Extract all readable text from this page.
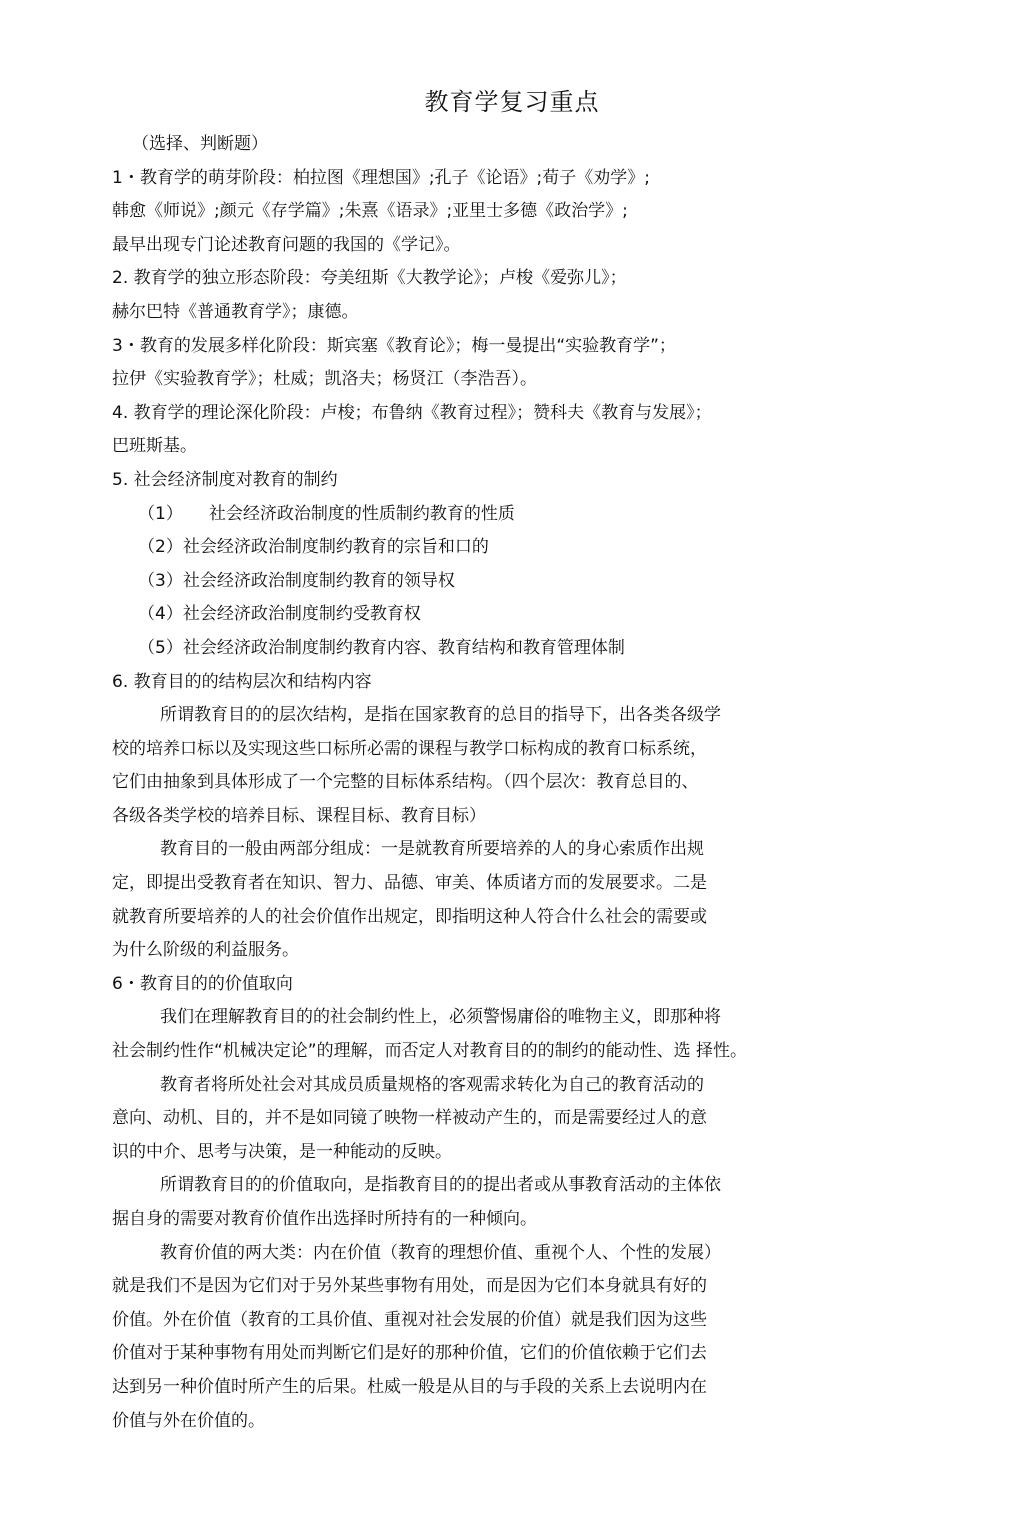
教育学复习重点
（选择、判断题）
1・教育学的萌芽阶段：柏拉图《理想国》;孔子《论语》;荀子《劝学》;
韩愈《师说》;颜元《存学篇》;朱熹《语录》;亚里士多德《政治学》;
最早出现专门论述教育问题的我国的《学记》。
2. 教育学的独立形态阶段：夸美纽斯《大教学论》；卢梭《爱弥儿》；
赫尔巴特《普通教育学》；康德。
3・教育的发展多样化阶段：斯宾塞《教育论》；梅一曼提出“实验教育学”；
拉伊《实验教育学》；杜威；凯洛夫；杨贤江（李浩吾）。
4. 教育学的理论深化阶段：卢梭；布鲁纳《教育过程》；赞科夫《教育与发展》；
巴班斯基。
5. 社会经济制度对教育的制约
（1） 社会经济政治制度的性质制约教育的性质
（2）社会经济政治制度制约教育的宗旨和口的
（3）社会经济政治制度制约教育的领导权
（4）社会经济政治制度制约受教育权
（5）社会经济政治制度制约教育内容、教育结构和教育管理体制
6. 教育目的的结构层次和结构内容
所谓教育目的的层次结构，是指在国家教育的总目的指导下，出各类各级学
校的培养口标以及实现这些口标所必需的课程与教学口标构成的教育口标系统，
它们由抽象到具体形成了一个完整的目标体系结构。（四个层次：教育总目的、
各级各类学校的培养目标、课程目标、教育目标）
教育目的一般由两部分组成：一是就教育所要培养的人的身心索质作出规
定，即提出受教育者在知识、智力、品德、审美、体质诸方而的发展要求。二是
就教育所要培养的人的社会价值作出规定，即指明这种人符合什么社会的需要或
为什么阶级的利益服务。
6・教育目的的价值取向
我们在理解教育目的的社会制约性上，必须警惕庸俗的唯物主义，即那种将
社会制约性作“机械决定论”的理解，而否定人对教育目的的制约的能动性、选 择性。
教育者将所处社会对其成员质量规格的客观需求转化为自己的教育活动的
意向、动机、目的，并不是如同镜了映物一样被动产生的，而是需要经过人的意
识的中介、思考与决策，是一种能动的反映。
所谓教育目的的价值取向，是指教育目的的提出者或从事教育活动的主体依
据自身的需要对教育价值作出选择时所持有的一种倾向。
教育价值的两大类：内在价值（教育的理想价值、重视个人、个性的发展）
就是我们不是因为它们对于另外某些事物有用处，而是因为它们本身就具有好的
价值。外在价值（教育的工具价值、重视对社会发展的价值）就是我们因为这些
价值对于某种事物有用处而判断它们是好的那种价值，它们的价值依赖于它们去
达到另一种价值时所产生的后果。杜威一般是从目的与手段的关系上去说明内在
价值与外在价值的。
